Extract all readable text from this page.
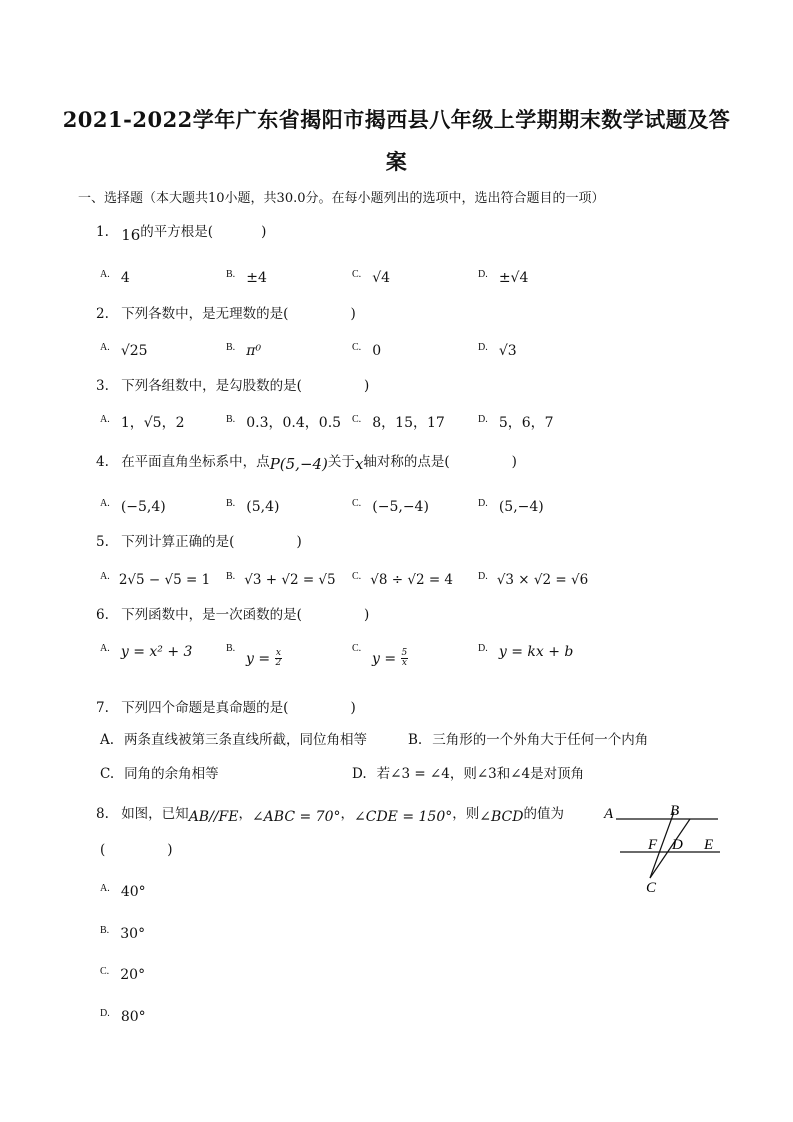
2021-2022学年广东省揭阳市揭西县八年级上学期期末数学试题及答
案
一、选择题（本大题共10小题，共30.0分。在每小题列出的选项中，选出符合题目的一项）
1. 16的平方根是(	)
A. 4	B. ±4	C. √4	D. ±√4
2. 下列各数中，是无理数的是(	)
A. √25	B. π⁰	C. 0	D. √3
3. 下列各组数中，是勾股数的是(	)
A. 1，√5，2	B. 0.3，0.4，0.5 C. 8，15，17	D. 5，6，7
4. 在平面直角坐标系中，点P(5,−4)关于x轴对称的点是(	)
A. (−5,4)	B. (5,4)	C. (−5,−4)	D. (5,−4)
5. 下列计算正确的是(	)
A. $_{2√5 - √5 = 1}$ B. $_{√3 + √2 = √5}$ C. $_{√8 \div √2 = 4}$ D. $_{√3 \times √2 = √6}$
6. 下列函数中，是一次函数的是(	)
A. y = x² + 3	B.
$y = \frac{x}{2}$
C.
$y = \frac{5}{x}$
D. y = kx + b
7. 下列四个命题是真命题的是(	)
A. 两条直线被第三条直线所截，同位角相等	B. 三角形的一个外角大于任何一个内角
C. 同角的余角相等	D. 若∠3 = ∠4，则∠3和∠4是对顶角
8. 如图，已知AB//FE，∠ABC = 70°，∠CDE = 150°，则∠BCD的值为
(	)
A. 40°
B. 30°
C. 20°
D. 80°
A	B
F D E
C
